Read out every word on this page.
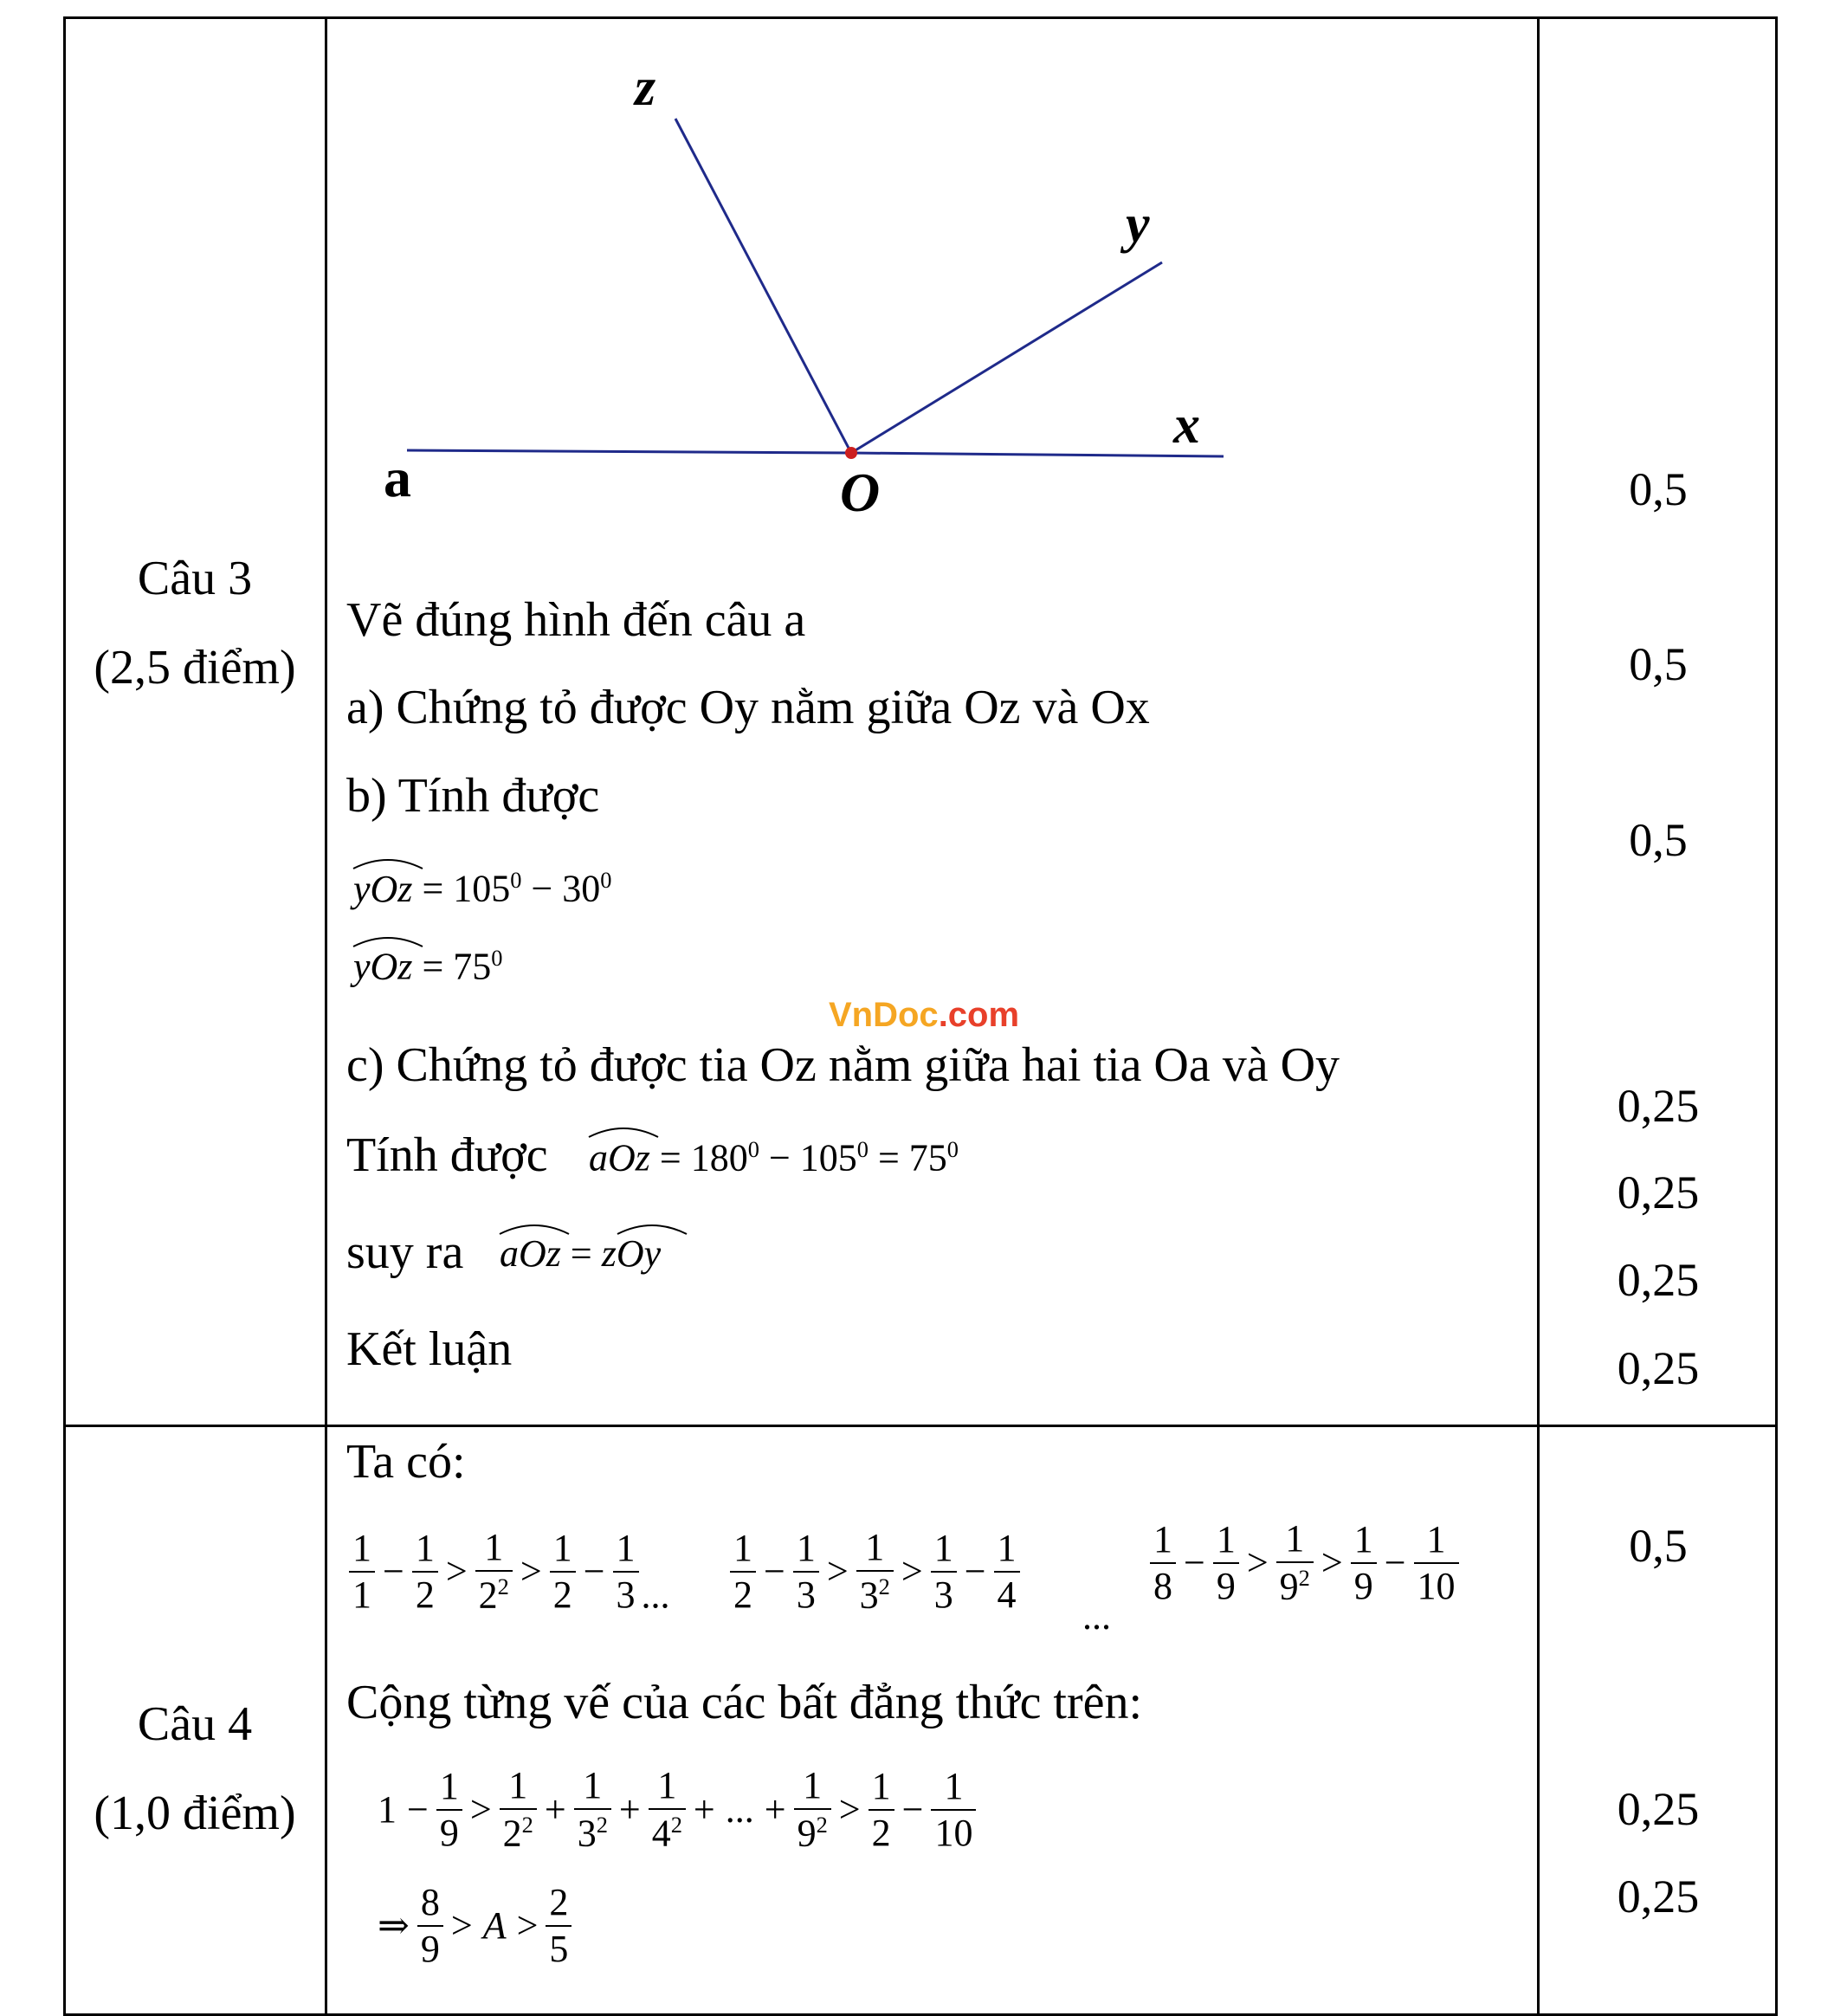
z
y
x
a	O
Câu 3
(2,5 điểm)
Vẽ đúng hình đến câu a
a) Chứng tỏ được Oy nằm giữa Oz và Ox
b) Tính được
yOz = $105^0 - 30^0$
yOz = $75^0$
VnDoc.com
c) Chứng tỏ được tia Oz nằm giữa hai tia Oa và Oy
Tính được aOz = $180^0 - 105^0 = 75^0$
suy ra aOz = zOy
Kết luận
0,5
0,5
0,5
0,25
0,25
0,25
0,25
Câu 4
(1,0 điểm)
Ta có:
$\frac{1}{1} - \frac{1}{2} > \frac{1}{2^2} > \frac{1}{2} - \frac{1}{3}$ ... $\frac{1}{2} - \frac{1}{3} > \frac{1}{3^2} > \frac{1}{3} - \frac{1}{4}$
...
$\frac{1}{8} - \frac{1}{9} > \frac{1}{9^2} > \frac{1}{9} - \frac{1}{10}$
Cộng từng vế của các bất đẳng thức trên:
$1 - \frac{1}{9} > \frac{1}{2^2} + \frac{1}{3^2} + \frac{1}{4^2}$ + ... + $\frac{1}{9^2} > \frac{1}{2} - \frac{1}{10}$
⇒ $\frac{8}{9} > A > \frac{2}{5}$
0,5
0,25
0,25
